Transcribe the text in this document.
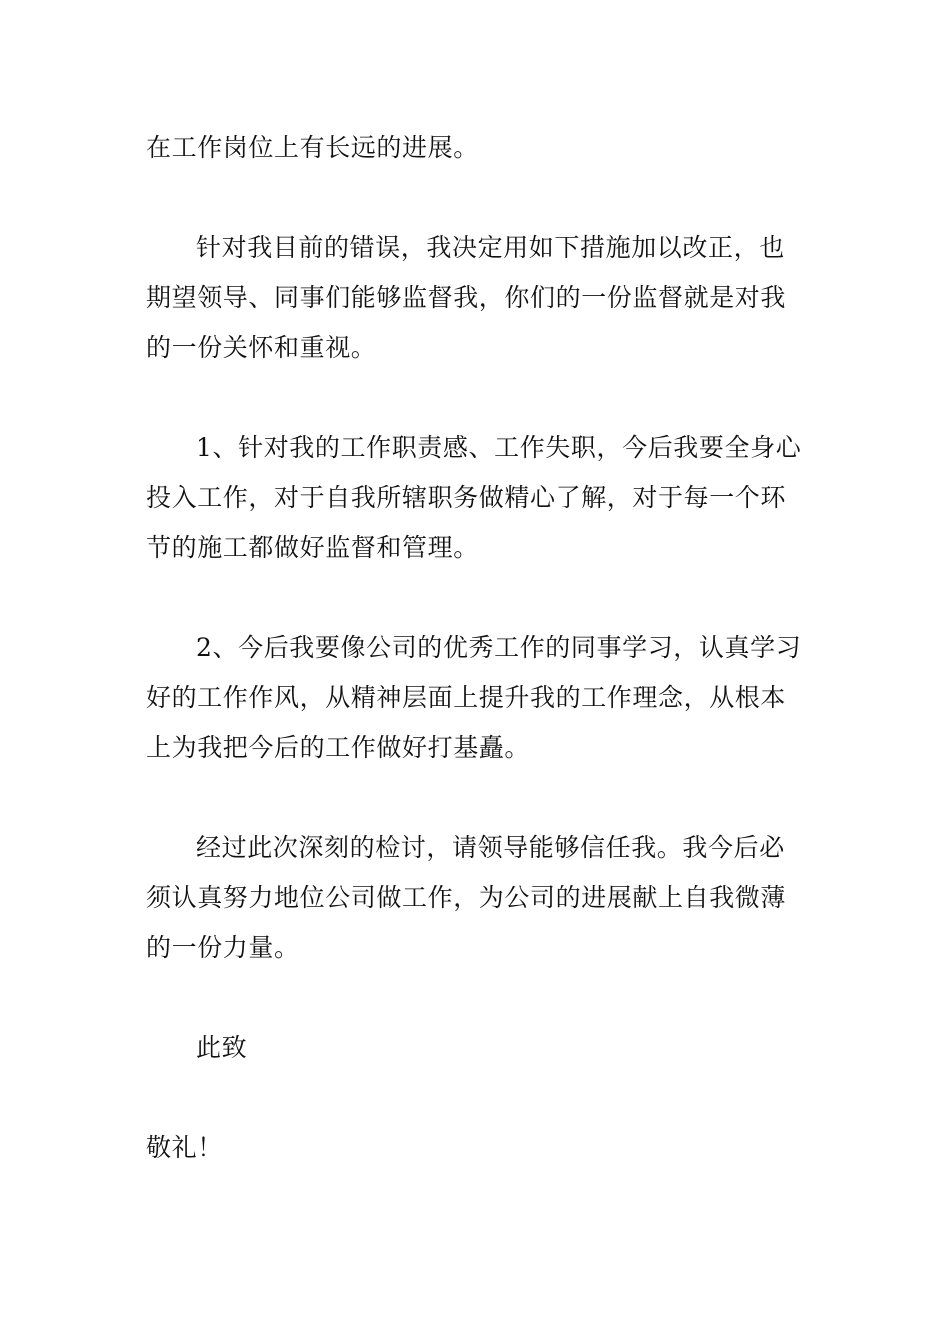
在工作岗位上有长远的进展。
针对我目前的错误，我决定用如下措施加以改正，也
期望领导、同事们能够监督我，你们的一份监督就是对我
的一份关怀和重视。
1、针对我的工作职责感、工作失职，今后我要全身心
投入工作，对于自我所辖职务做精心了解，对于每一个环
节的施工都做好监督和管理。
2、今后我要像公司的优秀工作的同事学习，认真学习
好的工作作风，从精神层面上提升我的工作理念，从根本
上为我把今后的工作做好打基矗。
经过此次深刻的检讨，请领导能够信任我。我今后必
须认真努力地位公司做工作，为公司的进展献上自我微薄
的一份力量。
此致
敬礼！
